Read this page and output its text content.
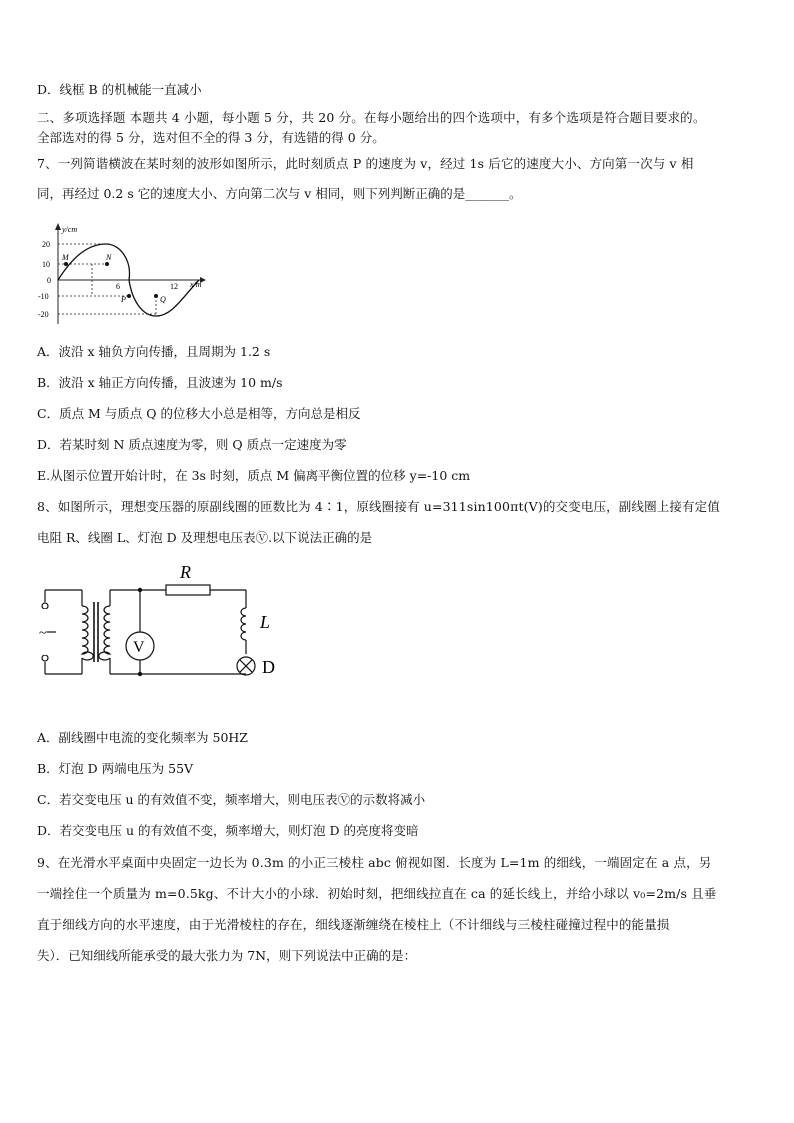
D．线框 B 的机械能一直减小
二、多项选择题 本题共 4 小题，每小题 5 分，共 20 分。在每小题给出的四个选项中，有多个选项是符合题目要求的。
全部选对的得 5 分，选对但不全的得 3 分，有选错的得 0 分。
7、一列简谐横波在某时刻的波形如图所示，此时刻质点 P 的速度为 v，经过 1s 后它的速度大小、方向第一次与 v 相
同，再经过 0.2 s 它的速度大小、方向第二次与 v 相同，则下列判断正确的是_______。
y/cm
x/m
20
10
0
-10
-20
6	12
M	N
P	Q
A．波沿 x 轴负方向传播，且周期为 1.2 s
B．波沿 x 轴正方向传播，且波速为 10 m/s
C．质点 M 与质点 Q 的位移大小总是相等，方向总是相反
D．若某时刻 N 质点速度为零，则 Q 质点一定速度为零
E.从图示位置开始计时，在 3s 时刻，质点 M 偏离平衡位置的位移 y=-10 cm
8、如图所示，理想变压器的原副线圈的匝数比为 4∶1，原线圈接有 u=311sin100πt(V)的交变电压，副线圈上接有定值
电阻 R、线圈 L、灯泡 D 及理想电压表Ⓥ.以下说法正确的是
~
V
R
L
D
A．副线圈中电流的变化频率为 50HZ
B．灯泡 D 两端电压为 55V
C．若交变电压 u 的有效值不变，频率增大，则电压表Ⓥ的示数将减小
D．若交变电压 u 的有效值不变，频率增大，则灯泡 D 的亮度将变暗
9、在光滑水平桌面中央固定一边长为 0.3m 的小正三棱柱 abc 俯视如图．长度为 L=1m 的细线，一端固定在 a 点，另
一端拴住一个质量为 m=0.5kg、不计大小的小球．初始时刻，把细线拉直在 ca 的延长线上，并给小球以 v₀=2m/s 且垂
直于细线方向的水平速度，由于光滑棱柱的存在，细线逐渐缠绕在棱柱上（不计细线与三棱柱碰撞过程中的能量损
失）．已知细线所能承受的最大张力为 7N，则下列说法中正确的是：
